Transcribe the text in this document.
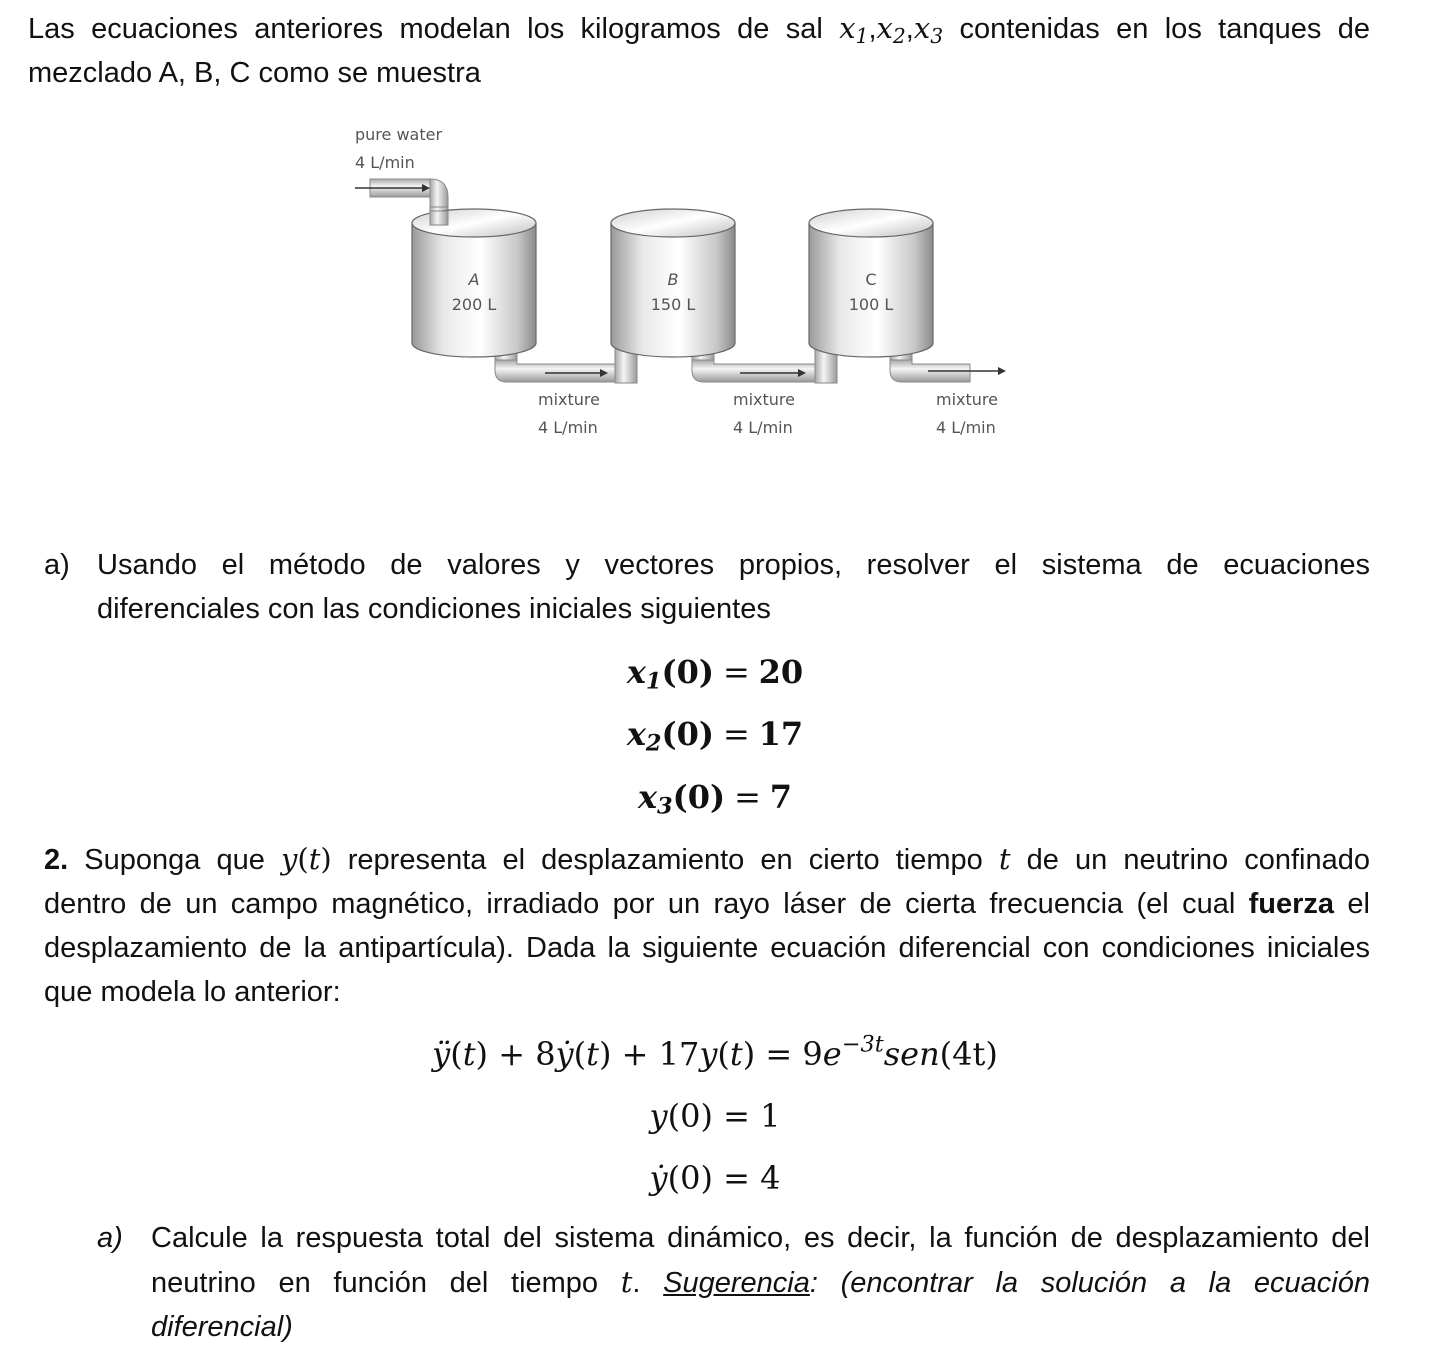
Las ecuaciones anteriores modelan los kilogramos de sal $x_1,x_2,x_3$ contenidas en los tanques de
mezclado A, B, C como se muestra
pure water
4 L/min
A
200 L
B
150 L
C
100 L
mixture
4 L/min
mixture
4 L/min
mixture
4 L/min
a) Usando el método de valores y vectores propios, resolver el sistema de ecuaciones
diferenciales con las condiciones iniciales siguientes
$x_1(0) = 20$
$x_2(0) = 17$
$x_3(0) = 7$
2. Suponga que y(t) representa el desplazamiento en cierto tiempo t de un neutrino confinado
dentro de un campo magnético, irradiado por un rayo láser de cierta frecuencia (el cual fuerza el
desplazamiento de la antipartícula). Dada la siguiente ecuación diferencial con condiciones iniciales
que modela lo anterior:
ÿ(t) + 8ẏ(t) + $17y(t) = 9e^{-3t}sen(4t)$
y(0) = 1
ẏ(0) = 4
a) Calcule la respuesta total del sistema dinámico, es decir, la función de desplazamiento del
neutrino en función del tiempo t. Sugerencia: (encontrar la solución a la ecuación
diferencial)
